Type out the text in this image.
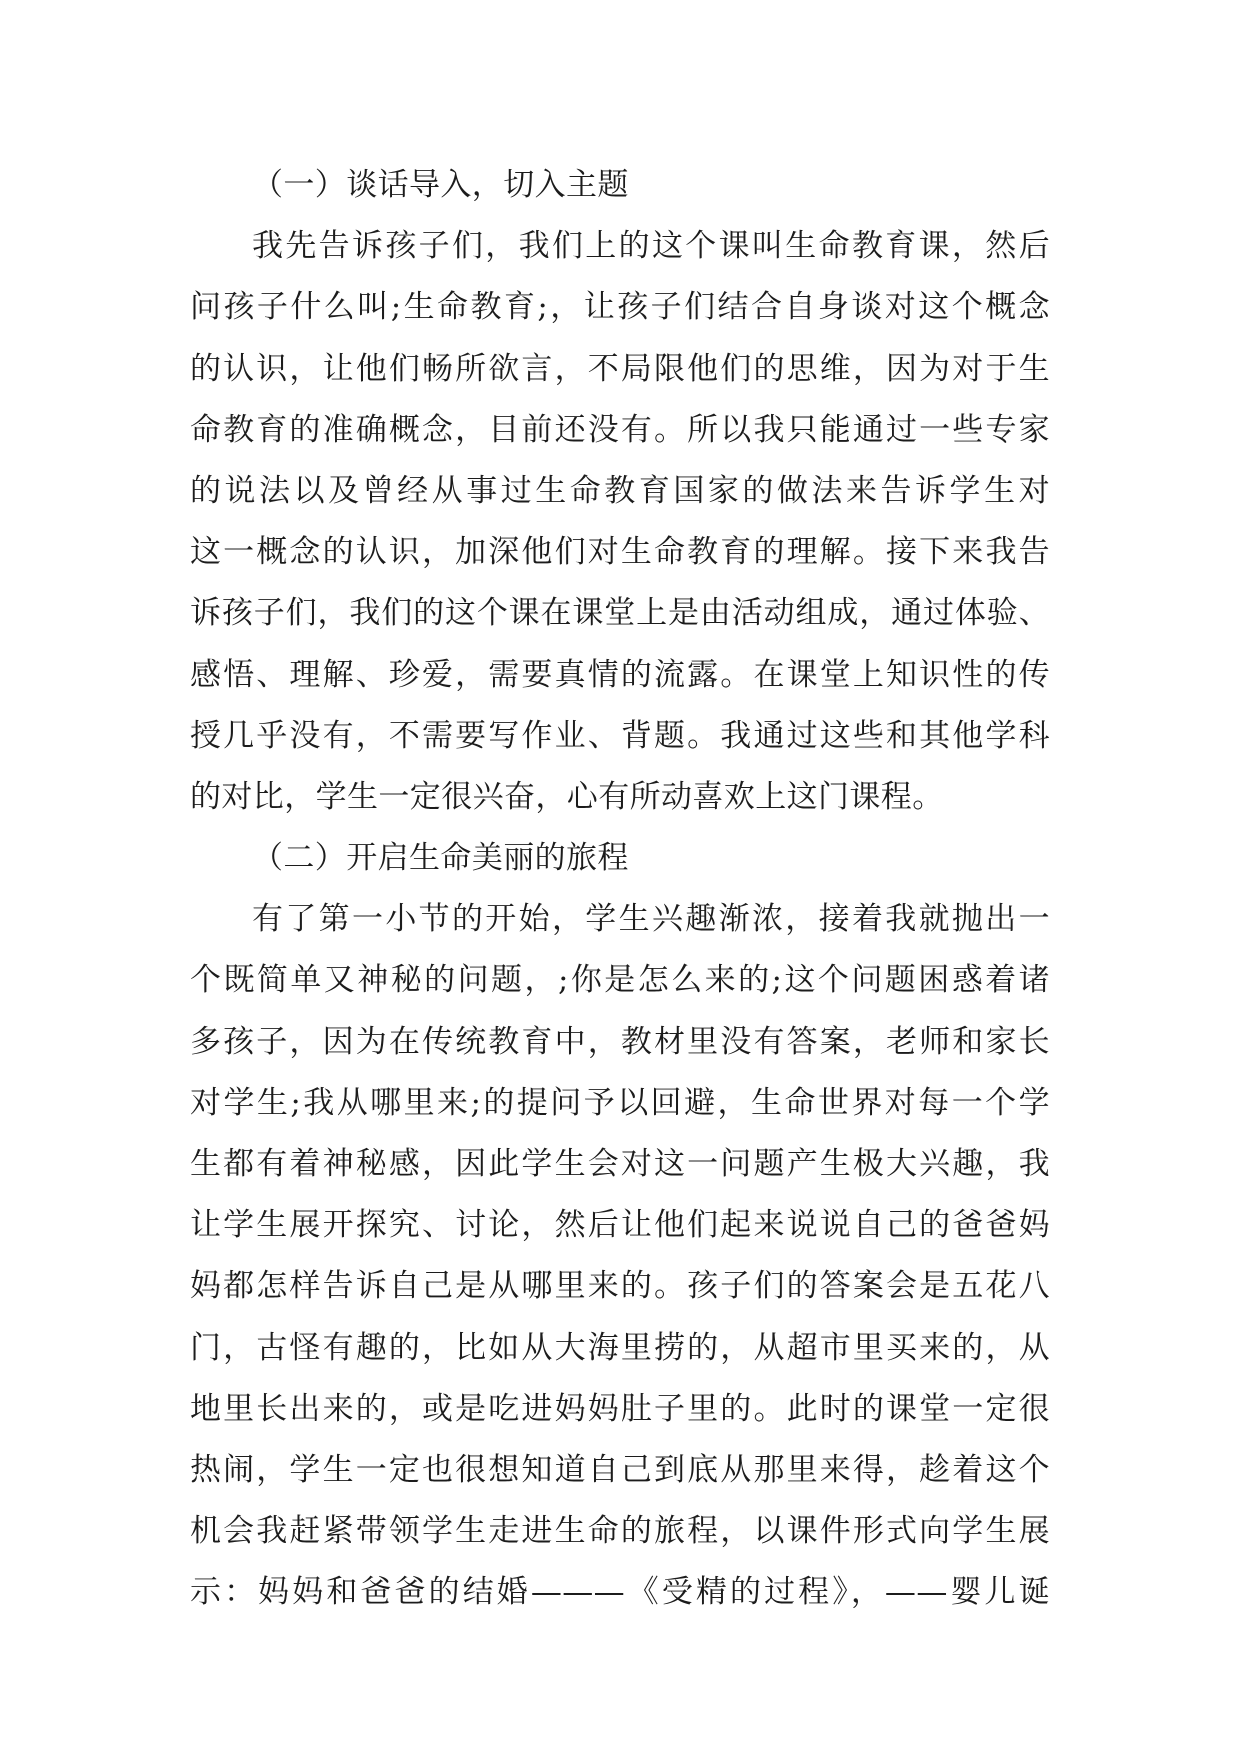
（一）谈话导入，切入主题
我先告诉孩子们，我们上的这个课叫生命教育课，然后
问孩子什么叫;生命教育;，让孩子们结合自身谈对这个概念
的认识，让他们畅所欲言，不局限他们的思维，因为对于生
命教育的准确概念，目前还没有。所以我只能通过一些专家
的说法以及曾经从事过生命教育国家的做法来告诉学生对
这一概念的认识，加深他们对生命教育的理解。接下来我告
诉孩子们，我们的这个课在课堂上是由活动组成，通过体验、
感悟、理解、珍爱，需要真情的流露。在课堂上知识性的传
授几乎没有，不需要写作业、背题。我通过这些和其他学科
的对比，学生一定很兴奋，心有所动喜欢上这门课程。
（二）开启生命美丽的旅程
有了第一小节的开始，学生兴趣渐浓，接着我就抛出一
个既简单又神秘的问题，;你是怎么来的;这个问题困惑着诸
多孩子，因为在传统教育中，教材里没有答案，老师和家长
对学生;我从哪里来;的提问予以回避，生命世界对每一个学
生都有着神秘感，因此学生会对这一问题产生极大兴趣，我
让学生展开探究、讨论，然后让他们起来说说自己的爸爸妈
妈都怎样告诉自己是从哪里来的。孩子们的答案会是五花八
门，古怪有趣的，比如从大海里捞的，从超市里买来的，从
地里长出来的，或是吃进妈妈肚子里的。此时的课堂一定很
热闹，学生一定也很想知道自己到底从那里来得，趁着这个
机会我赶紧带领学生走进生命的旅程，以课件形式向学生展
示：妈妈和爸爸的结婚———《受精的过程》，——婴儿诞
